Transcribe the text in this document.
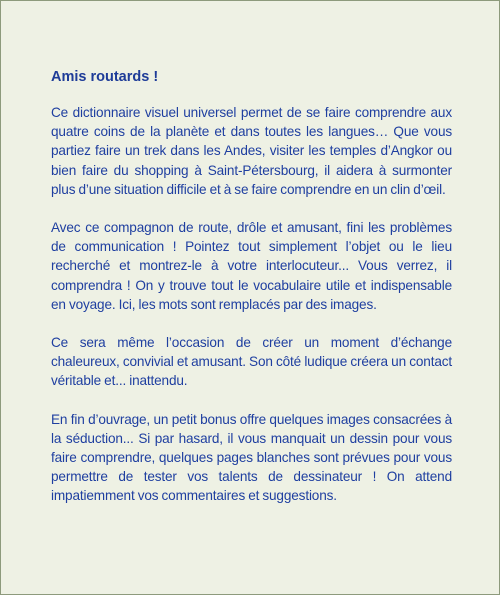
Amis routards !

Ce dictionnaire visuel universel permet de se faire comprendre aux quatre coins de la planète et dans toutes les langues… Que vous partiez faire un trek dans les Andes, visiter les temples d’Angkor ou bien faire du shopping à Saint-Pétersbourg, il aidera à surmonter plus d’une situation difficile et à se faire comprendre en un clin d’œil.

Avec ce compagnon de route, drôle et amusant, fini les problèmes de communication ! Pointez tout simplement l’objet ou le lieu recherché et montrez-le à votre interlocuteur... Vous verrez, il comprendra ! On y trouve tout le vocabulaire utile et indispensable en voyage. Ici, les mots sont remplacés par des images.

Ce sera même l’occasion de créer un moment d’échange chaleureux, convivial et amusant. Son côté ludique créera un contact véritable et... inattendu.

En fin d’ouvrage, un petit bonus offre quelques images consacrées à la séduction... Si par hasard, il vous manquait un dessin pour vous faire comprendre, quelques pages blanches sont prévues pour vous permettre de tester vos talents de dessinateur ! On attend impatiemment vos commentaires et suggestions.
